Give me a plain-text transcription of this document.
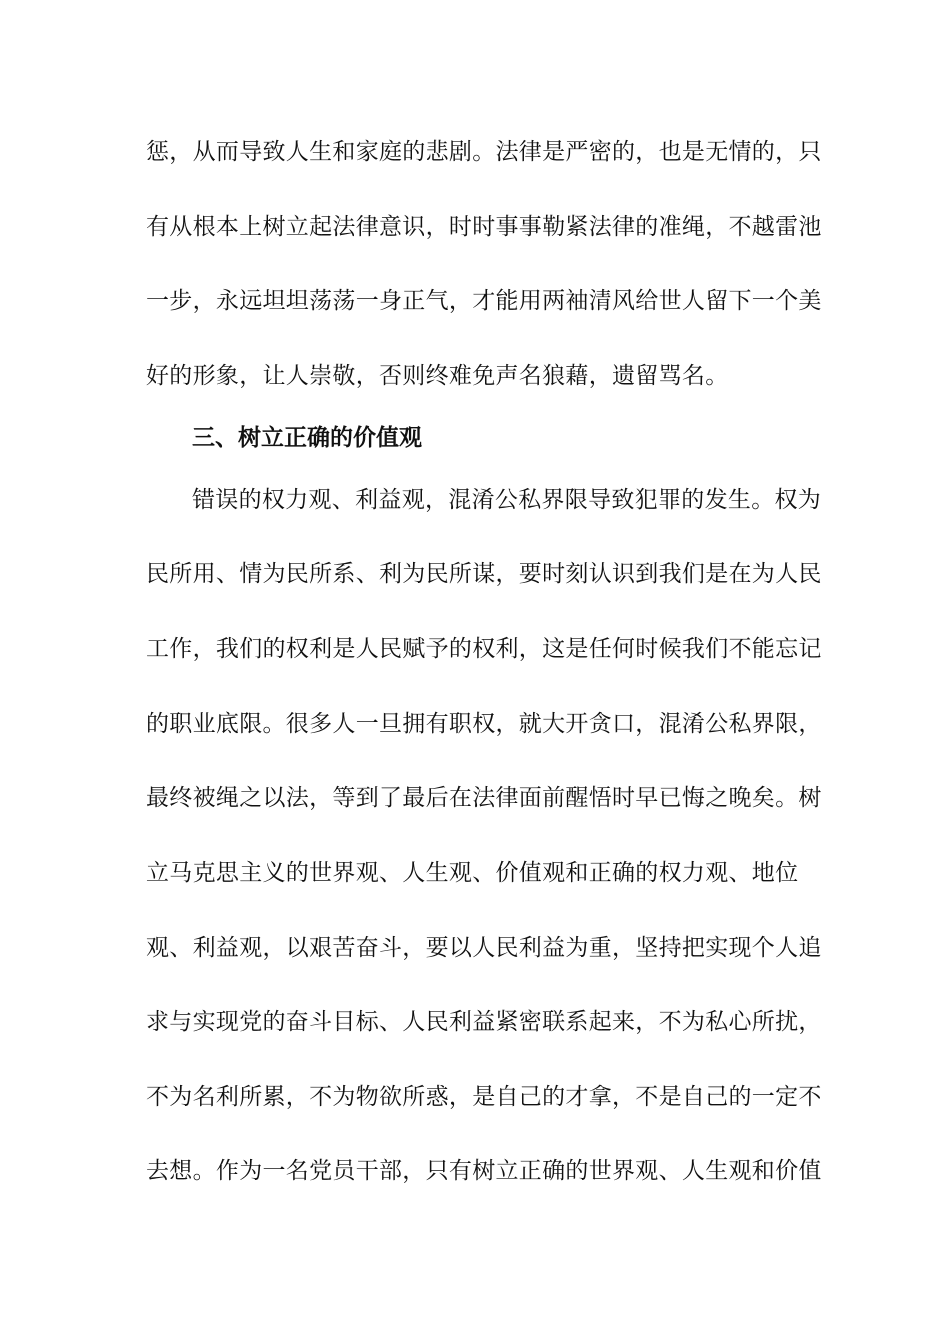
惩，从而导致人生和家庭的悲剧。法律是严密的，也是无情的，只
有从根本上树立起法律意识，时时事事勒紧法律的准绳，不越雷池
一步，永远坦坦荡荡一身正气，才能用两袖清风给世人留下一个美
好的形象，让人崇敬，否则终难免声名狼藉，遗留骂名。
三、树立正确的价值观
错误的权力观、利益观，混淆公私界限导致犯罪的发生。权为
民所用、情为民所系、利为民所谋，要时刻认识到我们是在为人民
工作，我们的权利是人民赋予的权利，这是任何时候我们不能忘记
的职业底限。很多人一旦拥有职权，就大开贪口，混淆公私界限，
最终被绳之以法，等到了最后在法律面前醒悟时早已悔之晚矣。树
立马克思主义的世界观、人生观、价值观和正确的权力观、地位
观、利益观，以艰苦奋斗，要以人民利益为重，坚持把实现个人追
求与实现党的奋斗目标、人民利益紧密联系起来，不为私心所扰，
不为名利所累，不为物欲所惑，是自己的才拿，不是自己的一定不
去想。作为一名党员干部，只有树立正确的世界观、人生观和价值
